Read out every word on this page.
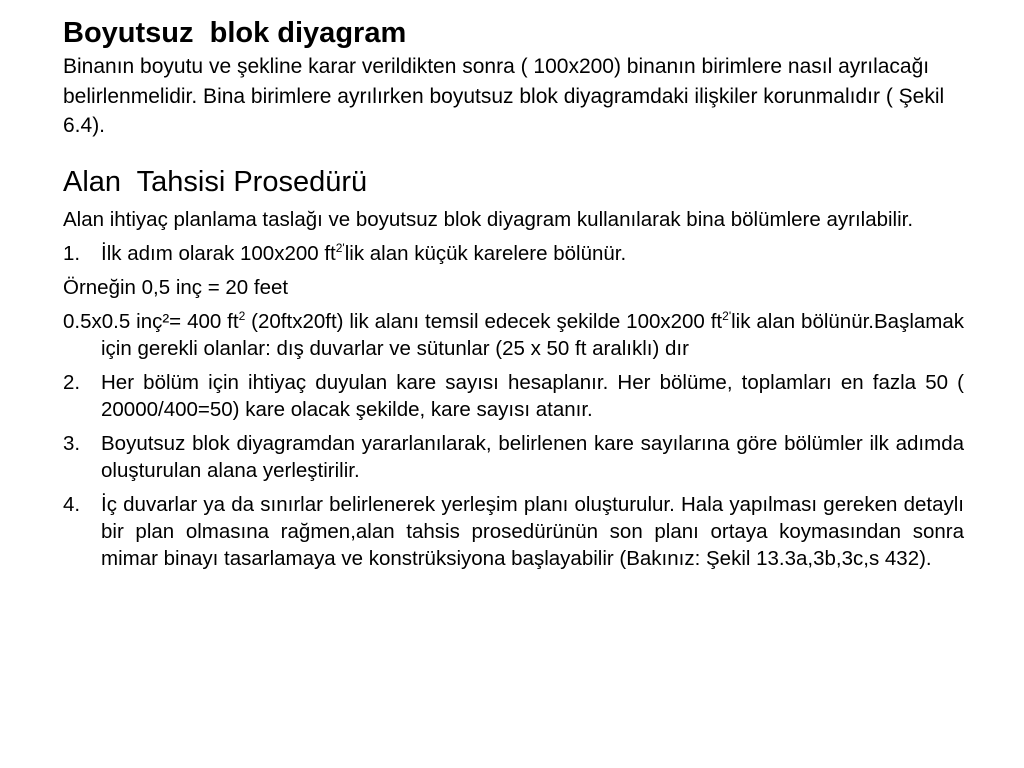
Boyutsuz  blok diyagram

Binanın boyutu ve şekline karar verildikten sonra ( 100x200) binanın birimlere nasıl ayrılacağı belirlenmelidir. Bina birimlere ayrılırken boyutsuz blok diyagramdaki ilişkiler korunmalıdır ( Şekil 6.4).

Alan  Tahsisi Prosedürü

Alan ihtiyaç planlama taslağı ve boyutsuz blok diyagram kullanılarak bina bölümlere ayrılabilir.

1.	İlk adım olarak 100x200 $ft^{2'}lik$ alan küçük karelere bölünür.

Örneğin 0,5 inç = 20 feet

0.5x0.5 inç²= 400 $ft^2$ (20ftx20ft) lik alanı temsil edecek şekilde 100x200 $ft^{2'}lik$ alan bölünür.Başlamak için gerekli olanlar: dış duvarlar ve sütunlar (25 x 50 ft aralıklı) dır

2.	Her bölüm için ihtiyaç duyulan kare sayısı hesaplanır. Her bölüme, toplamları en fazla 50 ( 20000/400=50) kare olacak şekilde, kare sayısı atanır.
3.	Boyutsuz blok diyagramdan yararlanılarak, belirlenen kare sayılarına göre bölümler ilk adımda oluşturulan alana yerleştirilir.
4.	İç duvarlar ya da sınırlar belirlenerek yerleşim planı oluşturulur. Hala yapılması gereken detaylı bir plan olmasına rağmen,alan tahsis prosedürünün son planı ortaya koymasından sonra mimar binayı tasarlamaya ve konstrüksiyona başlayabilir (Bakınız: Şekil 13.3a,3b,3c,s 432).
